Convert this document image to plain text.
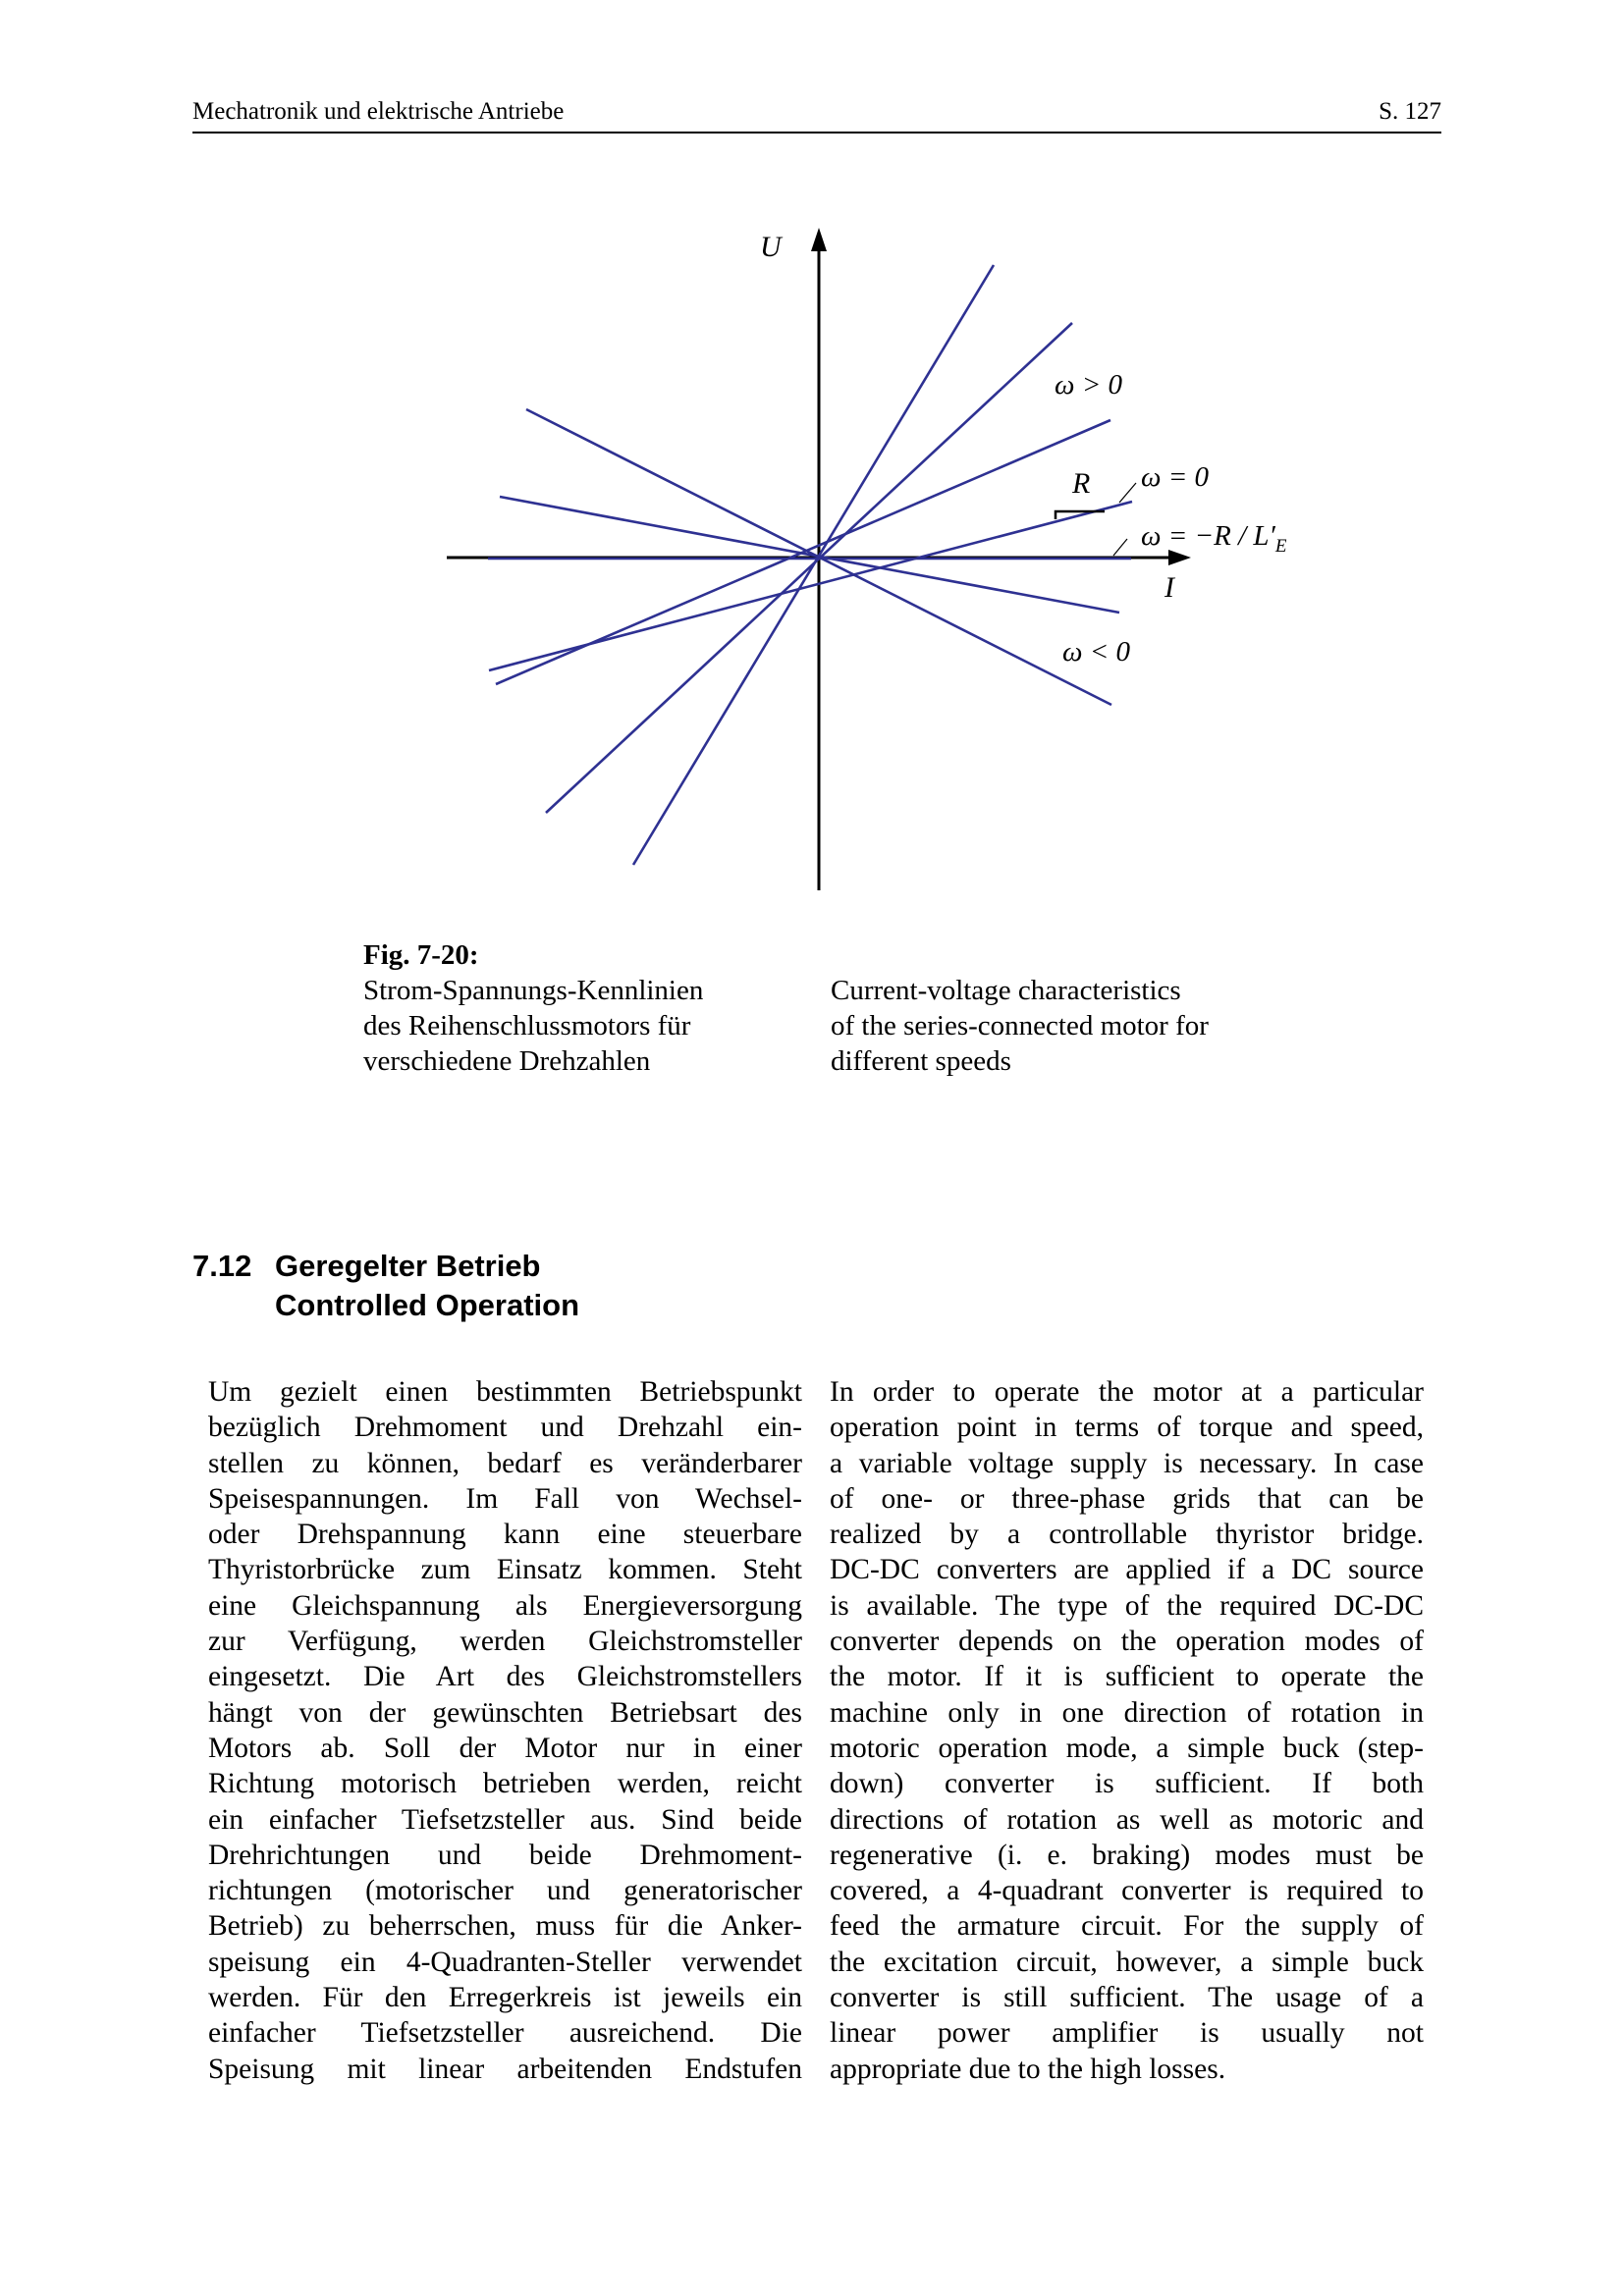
Mechatronik und elektrische Antriebe	S. 127
U
I
ω > 0
R ω = 0
$\omega = -R / L'_E$
ω < 0
Fig. 7-20:
Strom-Spannungs-Kennlinien
des Reihenschlussmotors für
verschiedene Drehzahlen
Current-voltage characteristics
of the series-connected motor for
different speeds
7.12 Geregelter Betrieb
Controlled Operation
Um gezielt einen bestimmten Betriebspunkt
bezüglich Drehmoment und Drehzahl ein-
stellen zu können, bedarf es veränderbarer
Speisespannungen. Im Fall von Wechsel-
oder Drehspannung kann eine steuerbare
Thyristorbrücke zum Einsatz kommen. Steht
eine Gleichspannung als Energieversorgung
zur Verfügung, werden Gleichstromsteller
eingesetzt. Die Art des Gleichstromstellers
hängt von der gewünschten Betriebsart des
Motors ab. Soll der Motor nur in einer
Richtung motorisch betrieben werden, reicht
ein einfacher Tiefsetzsteller aus. Sind beide
Drehrichtungen und beide Drehmoment-
richtungen (motorischer und generatorischer
Betrieb) zu beherrschen, muss für die Anker-
speisung ein 4-Quadranten-Steller verwendet
werden. Für den Erregerkreis ist jeweils ein
einfacher Tiefsetzsteller ausreichend. Die
Speisung mit linear arbeitenden Endstufen
In order to operate the motor at a particular
operation point in terms of torque and speed,
a variable voltage supply is necessary. In case
of one- or three-phase grids that can be
realized by a controllable thyristor bridge.
DC-DC converters are applied if a DC source
is available. The type of the required DC-DC
converter depends on the operation modes of
the motor. If it is sufficient to operate the
machine only in one direction of rotation in
motoric operation mode, a simple buck (step-
down) converter is sufficient. If both
directions of rotation as well as motoric and
regenerative (i. e. braking) modes must be
covered, a 4-quadrant converter is required to
feed the armature circuit. For the supply of
the excitation circuit, however, a simple buck
converter is still sufficient. The usage of a
linear power amplifier is usually not
appropriate due to the high losses.
